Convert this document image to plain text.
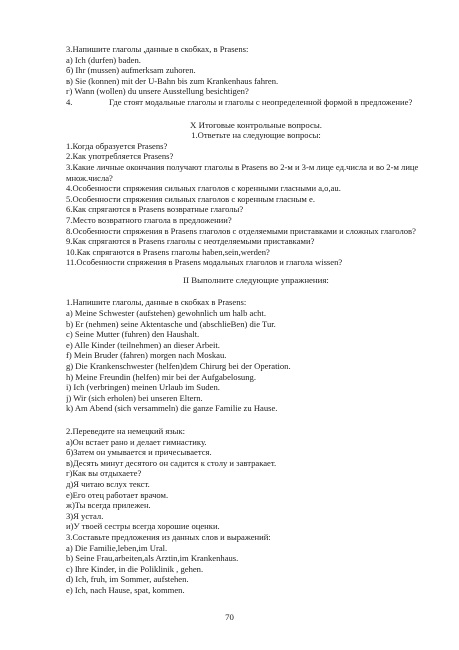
3.Напишите глаголы ,данные в скобках, в Prasens:
а) Ich (durfen) baden.
б) Ihr (mussen) aufmerksam zuhoren.
в) Sie (konnen) mit der U-Bahn bis zum Krankenhaus fahren.
г) Wann (wollen) du unsere Ausstellung besichtigen?
4.	Где стоят модальные глаголы и глаголы с неопределенной формой в предложение?
X Итоговые контрольные вопросы.
1.Ответьте на следующие вопросы:
1.Когда образуется Prasens?
2.Как употребляется Prasens?
3.Какие личные окончания получают глаголы в Prasens во 2-м и 3-м лице ед.числа и во 2-м лице множ.числа?
4.Особенности спряжения сильных глаголов с коренными гласными а,о,au.
5.Особенности спряжения сильных глаголов с коренным гласным е.
6.Как спрягаются в Prasens возвратные глаголы?
7.Место возвратного глагола в предложении?
8.Особенности спряжения в Prasens глаголов с отделяемыми приставками и сложных глаголов?
9.Как спрягаются в Prasens глаголы с неотделяемыми приставками?
10.Как спрягаются в Prasens глаголы haben,sein,werden?
11.Особенности спряжения в Prasens модальных глаголов и глагола wissen?
II Выполните следующие упражнения:
1.Напишите глаголы, данные в скобках в Prasens:
a) Meine Schwester (aufstehen) gewohnlich um halb acht.
b) Er (nehmen) seine Aktentasche und (abschlieBen) die Tur.
c) Seine Mutter (fuhren) den Haushalt.
e) Alle Kinder (teilnehmen) an dieser Arbeit.
f) Mein Bruder (fahren) morgen nach Moskau.
g) Die Krankenschwester (helfen)dem Chirurg bei der Operation.
h) Meine Freundin (helfen) mir bei der Aufgabelosung.
i) Ich (verbringen) meinen Urlaub im Suden.
j) Wir (sich erholen) bei unseren Eltern.
k) Am Abend (sich versammeln) die ganze Familie zu Hause.
2.Переведите на немецкий язык:
а)Он встает рано и делает гимнастику.
б)Затем он умывается и причесывается.
в)Десять минут десятого он садится к столу и завтракает.
г)Как вы отдыхаете?
д)Я читаю вслух текст.
е)Его отец работает врачом.
ж)Ты всегда прилежен.
З)Я устал.
и)У твоей сестры всегда хорошие оценки.
3.Составьте предложения из данных слов и выражений:
a) Die Familie,leben,im Ural.
b) Seine Frau,arbeiten,als Arztin,im Krankenhaus.
c) Ihre Kinder, in die Poliklinik , gehen.
d) Ich, fruh, im Sommer, aufstehen.
e) Ich, nach Hause, spat, kommen.
70
